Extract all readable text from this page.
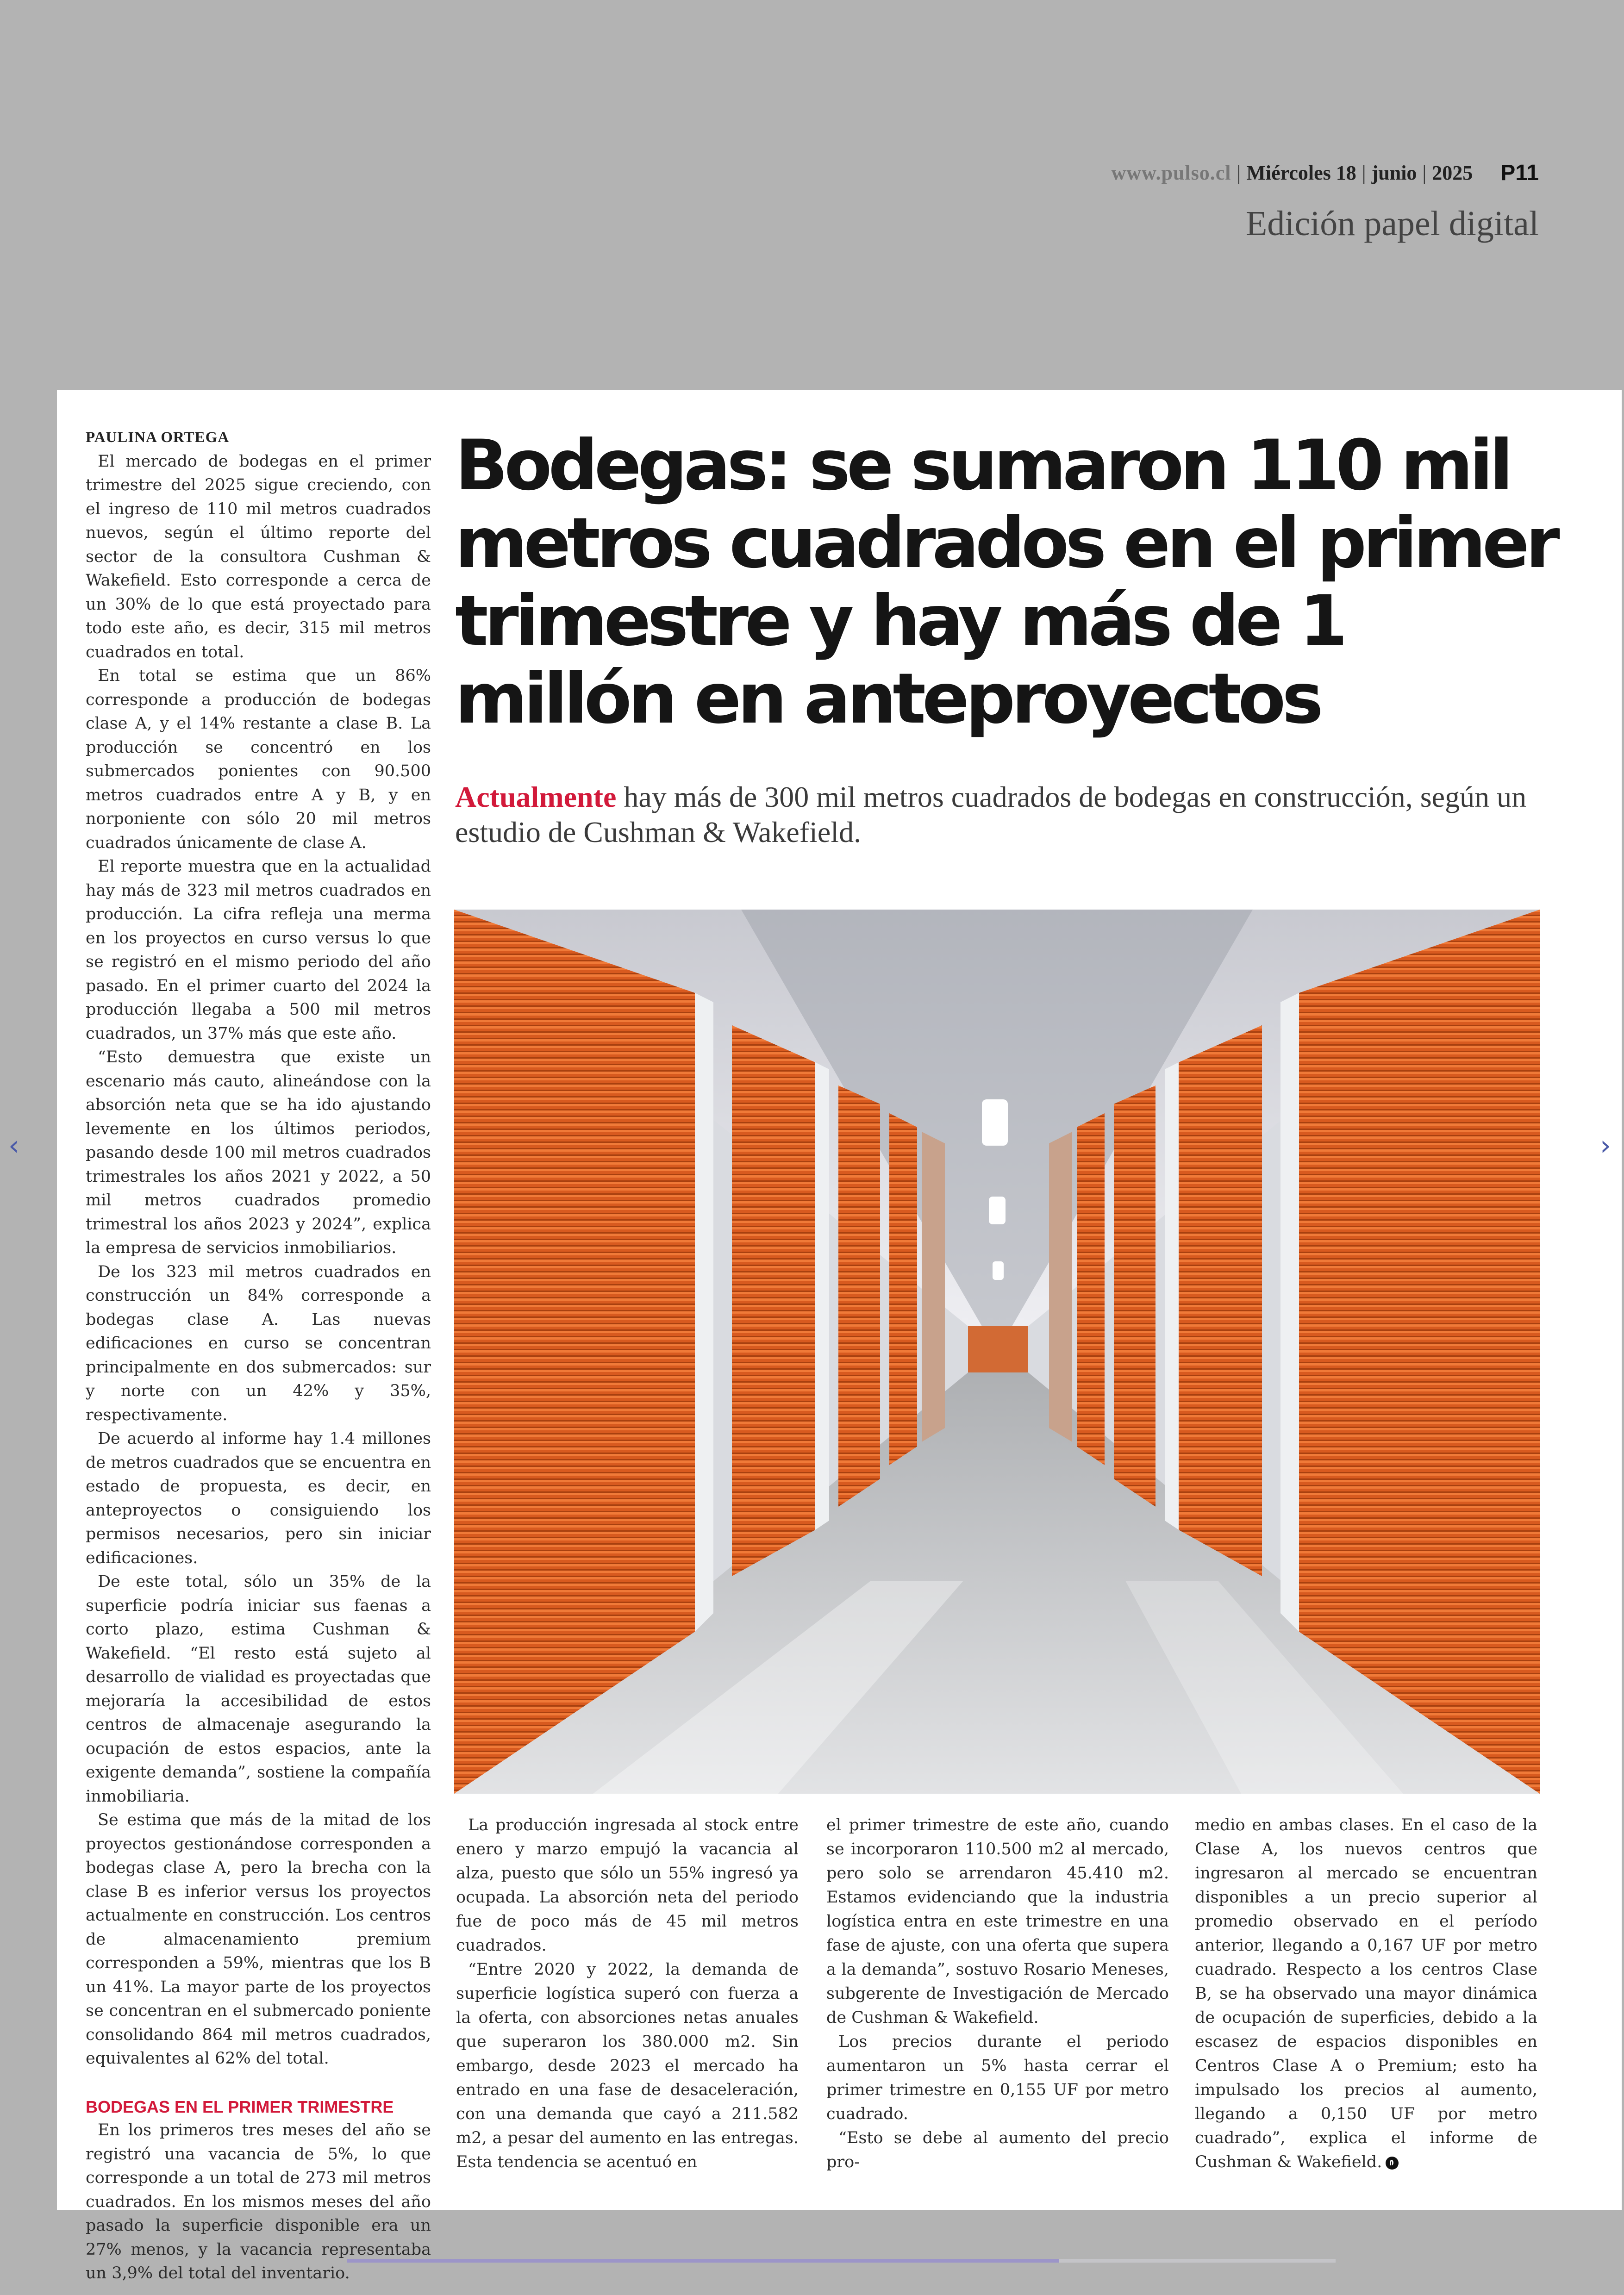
www.pulso.cl | Miércoles 18 | junio | 2025 P11
Edición papel digital
PAULINA ORTEGA

El mercado de bodegas en el primer trimestre del 2025 sigue creciendo, con el ingreso de 110 mil metros cuadrados nuevos, según el último reporte del sector de la consultora Cushman & Wakefield. Esto corresponde a cerca de un 30% de lo que está proyectado para todo este año, es decir, 315 mil metros cuadrados en total.

En total se estima que un 86% corresponde a producción de bodegas clase A, y el 14% restante a clase B. La producción se concentró en los submercados ponientes con 90.500 metros cuadrados entre A y B, y en norponiente con sólo 20 mil metros cuadrados únicamente de clase A.

El reporte muestra que en la actualidad hay más de 323 mil metros cuadrados en producción. La cifra refleja una merma en los proyectos en curso versus lo que se registró en el mismo periodo del año pasado. En el primer cuarto del 2024 la producción llegaba a 500 mil metros cuadrados, un 37% más que este año.

“Esto demuestra que existe un escenario más cauto, alineándose con la absorción neta que se ha ido ajustando levemente en los últimos periodos, pasando desde 100 mil metros cuadrados trimestrales los años 2021 y 2022, a 50 mil metros cuadrados promedio trimestral los años 2023 y 2024”, explica la empresa de servicios inmobiliarios.

De los 323 mil metros cuadrados en construcción un 84% corresponde a bodegas clase A. Las nuevas edificaciones en curso se concentran principalmente en dos submercados: sur y norte con un 42% y 35%, respectivamente.

De acuerdo al informe hay 1.4 millones de metros cuadrados que se encuentra en estado de propuesta, es decir, en anteproyectos o consiguiendo los permisos necesarios, pero sin iniciar edificaciones.

De este total, sólo un 35% de la superficie podría iniciar sus faenas a corto plazo, estima Cushman & Wakefield. “El resto está sujeto al desarrollo de vialidad es proyectadas que mejoraría la accesibilidad de estos centros de almacenaje asegurando la ocupación de estos espacios, ante la exigente demanda”, sostiene la compañía inmobiliaria.

Se estima que más de la mitad de los proyectos gestionándose corresponden a bodegas clase A, pero la brecha con la clase B es inferior versus los proyectos actualmente en construcción. Los centros de almacenamiento premium corresponden a 59%, mientras que los B un 41%. La mayor parte de los proyectos se concentran en el submercado poniente consolidando 864 mil metros cuadrados, equivalentes al 62% del total.

BODEGAS EN EL PRIMER TRIMESTRE

En los primeros tres meses del año se registró una vacancia de 5%, lo que corresponde a un total de 273 mil metros cuadrados. En los mismos meses del año pasado la superficie disponible era un 27% menos, y la vacancia representaba un 3,9% del total del inventario.

Bodegas: se sumaron 110 mil metros cuadrados en el primer trimestre y hay más de 1 millón en anteproyectos
Actualmente hay más de 300 mil metros cuadrados de bodegas en construcción, según un estudio de Cushman & Wakefield.

La producción ingresada al stock entre enero y marzo empujó la vacancia al alza, puesto que sólo un 55% ingresó ya ocupada. La absorción neta del periodo fue de poco más de 45 mil metros cuadrados.

“Entre 2020 y 2022, la demanda de superficie logística superó con fuerza a la oferta, con absorciones netas anuales que superaron los 380.000 m2. Sin embargo, desde 2023 el mercado ha entrado en una fase de desaceleración, con una demanda que cayó a 211.582 m2, a pesar del aumento en las entregas. Esta tendencia se acentuó en

el primer trimestre de este año, cuando se incorporaron 110.500 m2 al mercado, pero solo se arrendaron 45.410 m2. Estamos evidenciando que la industria logística entra en este trimestre en una fase de ajuste, con una oferta que supera a la demanda”, sostuvo Rosario Meneses, subgerente de Investigación de Mercado de Cushman & Wakefield.

Los precios durante el periodo aumentaron un 5% hasta cerrar el primer trimestre en 0,155 UF por metro cuadrado.

“Esto se debe al aumento del precio pro-

medio en ambas clases. En el caso de la Clase A, los nuevos centros que ingresaron al mercado se encuentran disponibles a un precio superior al promedio observado en el período anterior, llegando a 0,167 UF por metro cuadrado. Respecto a los centros Clase B, se ha observado una mayor dinámica de ocupación de superficies, debido a la escasez de espacios disponibles en Centros Clase A o Premium; esto ha impulsado los precios al aumento, llegando a 0,150 UF por metro cuadrado”, explica el informe de Cushman & Wakefield.

‹	›
